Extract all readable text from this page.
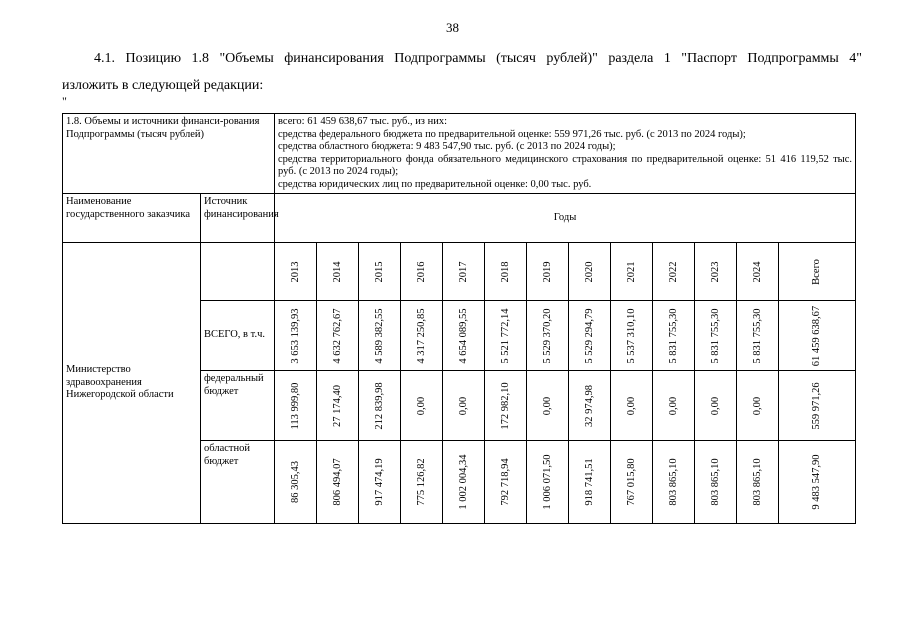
38
4.1. Позицию 1.8 "Объемы финансирования Подпрограммы (тысяч рублей)" раздела 1 "Паспорт Подпрограммы 4"
изложить в следующей редакции:
"
1.8. Объемы и источники финанси-рования Подпрограммы (тысяч рублей)		всего: 61 459 638,67 тыс. руб., из них:
средства федерального бюджета по предварительной оценке: 559 971,26 тыс. руб. (с 2013 по 2024 годы);
средства областного бюджета: 9 483 547,90 тыс. руб. (с 2013 по 2024 годы);
средства территориального фонда обязательного медицинского страхования по предварительной оценке: 51 416 119,52 тыс. руб. (с 2013 по 2024 годы);
средства юридических лиц по предварительной оценке: 0,00 тыс. руб.												

Наименование государственного заказчика	Источник финансирования	Годы												
Министерство здравоохранения Нижегородской области		2013	2014	2015	2016	2017	2018	2019	2020	2021	2022	2023	2024	Всего

	ВСЕГО, в т.ч.	3 653 139,93	4 632 762,67	4 589 382,55	4 317 250,85	4 654 089,55	5 521 772,14	5 529 370,20	5 529 294,79	5 537 310,10	5 831 755,30	5 831 755,30	5 831 755,30	61 459 638,67

	федеральный бюджет	113 999,80	27 174,40	212 839,98	0,00	0,00	172 982,10	0,00	32 974,98	0,00	0,00	0,00	0,00	559 971,26

	областной бюджет	86 305,43	806 494,07	917 474,19	775 126,82	1 002 004,34	792 718,94	1 006 071,50	918 741,51	767 015,80	803 865,10	803 865,10	803 865,10	9 483 547,90
